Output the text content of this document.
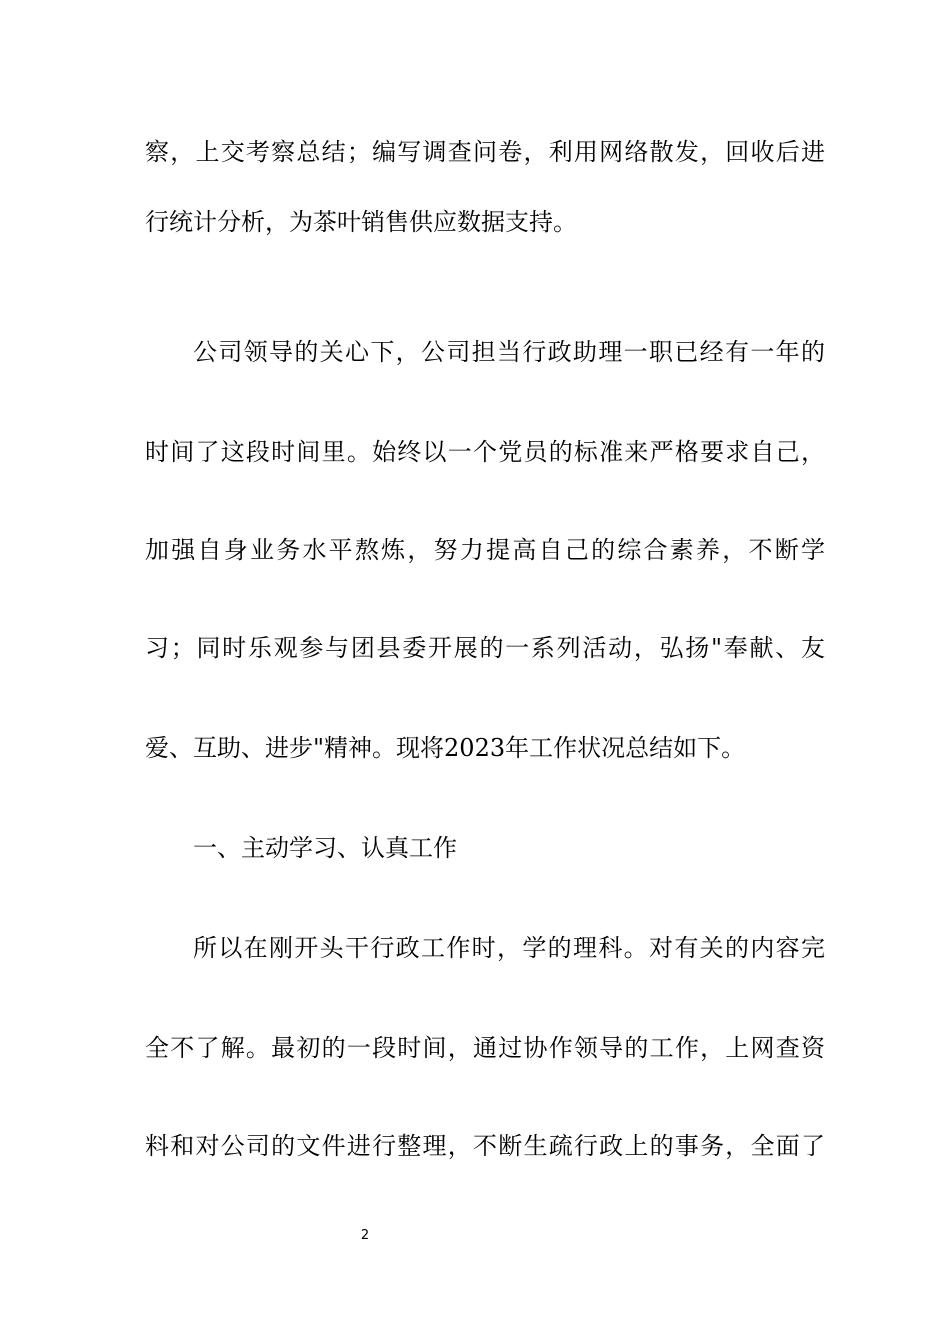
察，上交考察总结；编写调查问卷，利用网络散发，回收后进
行统计分析，为茶叶销售供应数据支持。
公司领导的关心下，公司担当行政助理一职已经有一年的
时间了这段时间里。始终以一个党员的标准来严格要求自己，
加强自身业务水平熬炼，努力提高自己的综合素养，不断学
习；同时乐观参与团县委开展的一系列活动，弘扬"奉献、友
爱、互助、进步"精神。现将2023年工作状况总结如下。
一、主动学习、认真工作
所以在刚开头干行政工作时，学的理科。对有关的内容完
全不了解。最初的一段时间，通过协作领导的工作，上网查资
料和对公司的文件进行整理，不断生疏行政上的事务，全面了
2
